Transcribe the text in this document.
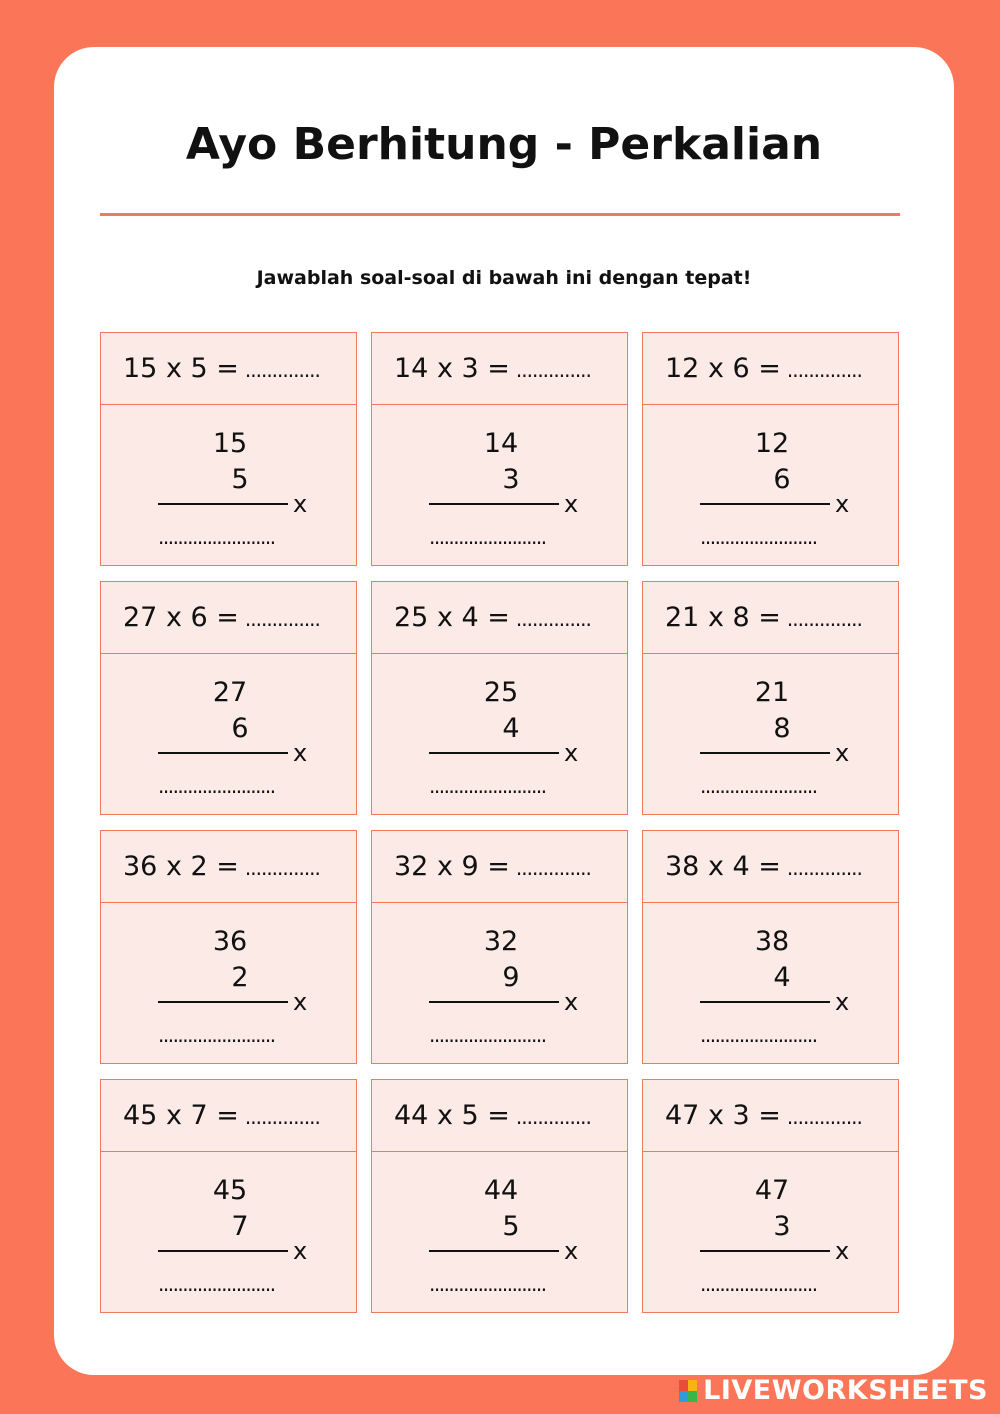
Ayo Berhitung - Perkalian
Jawablah soal-soal di bawah ini dengan tepat!
15 x 5 = ..............
15
5
x
........................
14 x 3 = ..............
14
3
x
........................
12 x 6 = ..............
12
6
x
........................
27 x 6 = ..............
27
6
x
........................
25 x 4 = ..............
25
4
x
........................
21 x 8 = ..............
21
8
x
........................
36 x 2 = ..............
36
2
x
........................
32 x 9 = ..............
32
9
x
........................
38 x 4 = ..............
38
4
x
........................
45 x 7 = ..............
45
7
x
........................
44 x 5 = ..............
44
5
x
........................
47 x 3 = ..............
47
3
x
........................
LIVEWORKSHEETS
